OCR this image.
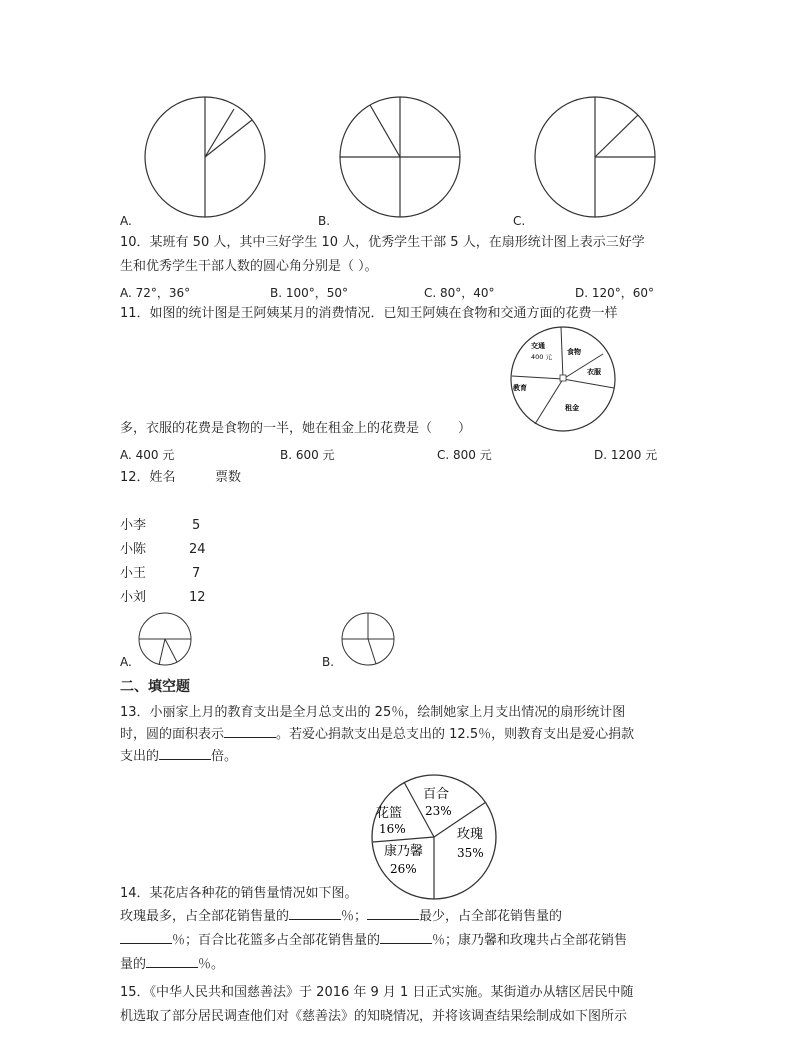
A.	B.	C.
10．某班有 50 人，其中三好学生 10 人，优秀学生干部 5 人，在扇形统计图上表示三好学
生和优秀学生干部人数的圆心角分别是（ ）。
A. 72°，36°	B. 100°，50°	C. 80°，40°	D. 120°，60°
11．如图的统计图是王阿姨某月的消费情况．已知王阿姨在食物和交通方面的花费一样
交通
400 元
食物
衣服
教育
租金
多，衣服的花费是食物的一半，她在租金上的花费是（　　）
A. 400 元	B. 600 元	C. 800 元	D. 1200 元
12．姓名	票数
小李	5
小陈	24
小王	7
小刘	12
A.	B.
二、填空题
13．小丽家上月的教育支出是全月总支出的 25％，绘制她家上月支出情况的扇形统计图
时，圆的面积表示	。若爱心捐款支出是总支出的 12.5％，则教育支出是爱心捐款
支出的	倍。
百合
23%
花篮
16%	玫瑰
35%
康乃馨
26%
14．某花店各种花的销售量情况如下图。
玫瑰最多，占全部花销售量的	％；	最少，占全部花销售量的
％；百合比花篮多占全部花销售量的	％；康乃馨和玫瑰共占全部花销售
量的	％。
15．《中华人民共和国慈善法》于 2016 年 9 月 1 日正式实施。某街道办从辖区居民中随
机选取了部分居民调查他们对《慈善法》的知晓情况，并将该调查结果绘制成如下图所示
